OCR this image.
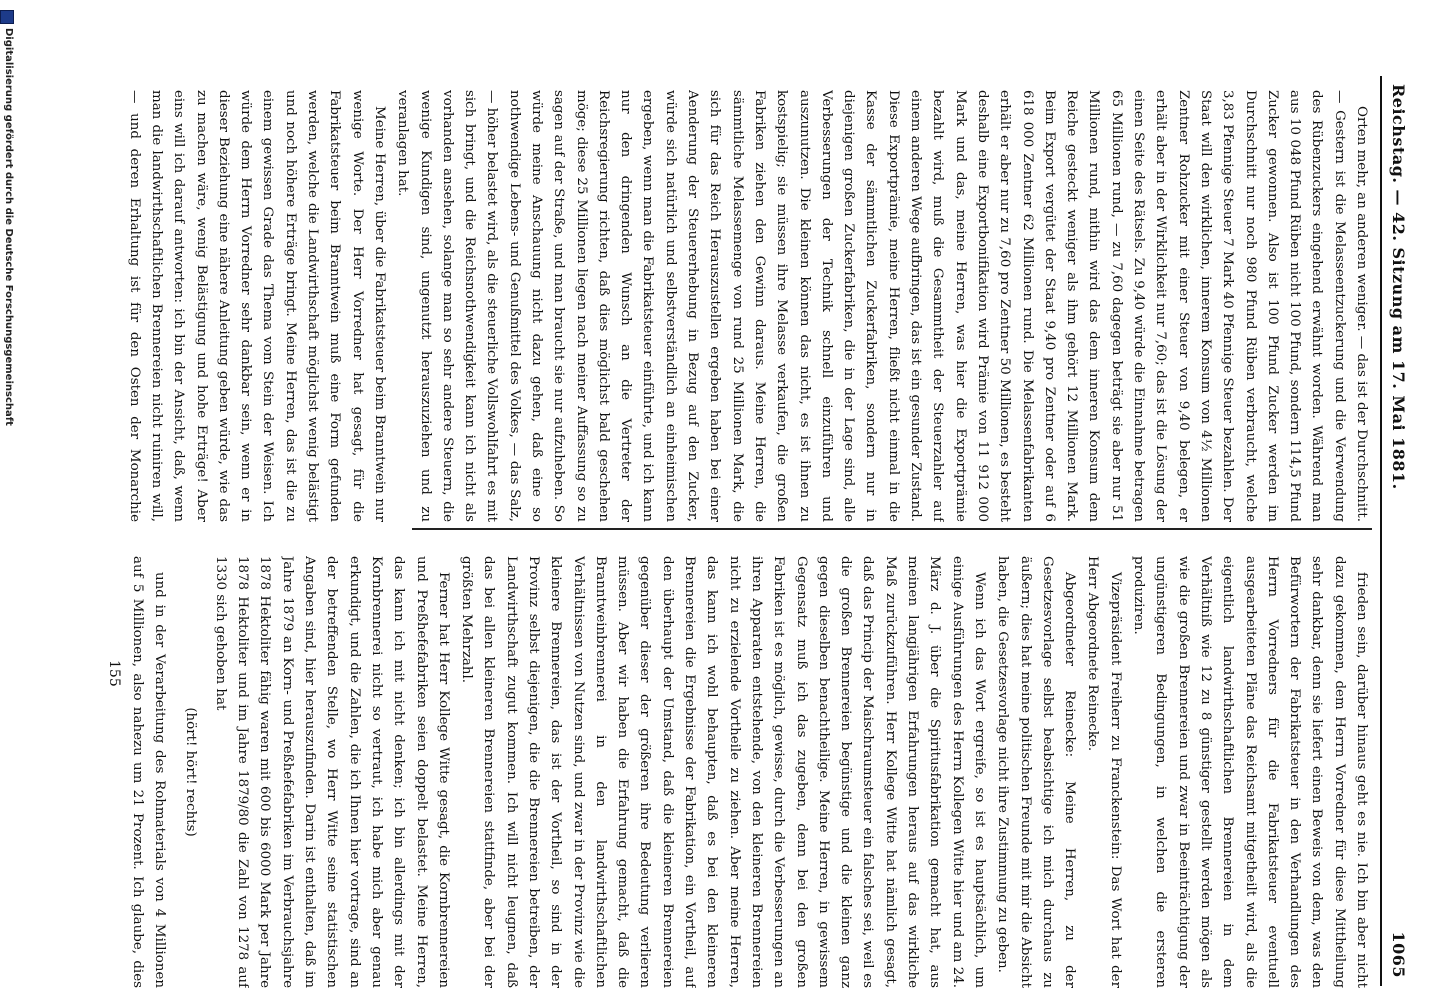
Reichstag. — 42. Sitzung am 17. Mai 1881.
1065

Orten mehr, an anderen weniger. — das ist der Durchschnitt. — Gestern ist die Melasseentzuckerung und die Verwendung des Rübenzuckers eingehend erwähnt worden. Während man aus 10 048 Pfund Rüben nicht 100 Pfund, sondern 114,5 Pfund Zucker gewonnen. Also ist 100 Pfund Zucker werden im Durchschnitt nur noch 980 Pfund Rüben verbraucht, welche 3,83 Pfennige Steuer 7 Mark 40 Pfennige Steuer bezahlen. Der Staat will den wirklichen, innerem Konsum von 4½ Millionen Zentner Rohzucker mit einer Steuer von 9,40 belegen, er erhält aber in der Wirklichkeit nur 7,60; das ist die Lösung der einen Seite des Rätsels. Zu 9,40 würde die Einnahme betragen 65 Millionen rund, — zu 7,60 dagegen beträgt sie aber nur 51 Millionen rund, mithin wird das dem inneren Konsum dem Reiche gesteckt weniger als ihm gehört 12 Millionen Mark. Beim Export vergütet der Staat 9,40 pro Zentner oder auf 6 618 000 Zentner 62 Millionen rund. Die Melassenfabrikanten erhält er aber nur zu 7,60 pro Zentner 50 Millionen, es besteht deshalb eine Exportbonifikation wird Prämie von 11 912 000 Mark und das, meine Herren, was hier die Exportprämie bezahlt wird, muß die Gesammtheit der Steuerzahler auf einem anderen Wege aufbringen, das ist ein gesunder Zustand. Diese Exportprämie, meine Herren, fließt nicht einmal in die Kasse der sämmtlichen Zuckerfabriken, sondern nur in diejenigen großen Zuckerfabriken, die in der Lage sind, alle Verbesserungen der Technik schnell einzuführen und auszunutzen. Die kleinen können das nicht, es ist ihnen zu kostspielig; sie müssen ihre Melasse verkaufen, die großen Fabriken ziehen den Gewinn daraus. Meine Herren, die sämmtliche Melassemenge von rund 25 Millionen Mark, die sich für das Reich Herauszustellen ergeben haben bei einer Aenderung der Steuererhebung in Bezug auf den Zucker, würde sich natürlich und selbstverständlich an einheimischen ergeben, wenn man die Fabrikatsteuer einführte, und ich kann nur den dringenden Wunsch an die Vertreter der Reichsregierung richten, daß dies möglichst bald geschehen möge; diese 25 Millionen liegen nach meiner Auffassung so zu sagen auf der Straße, und man braucht sie nur aufzuheben. So würde meine Anschauung nicht dazu gehen, daß eine so nothwendige Lebens- und Genußmittel des Volkes, — das Salz, — höher belastet wird, als die steuerliche Vollswohlfahrt es mit sich bringt, und die Reichsnothwendigkeit kann ich nicht als vorhanden ansehen, solange man so sehr andere Steuern, die wenige Kundigen sind, ungenutzt herauszuziehen und zu veranlagen hat.

Meine Herren, über die Fabrikatsteuer beim Branntwein nur wenige Worte. Der Herr Vorredner hat gesagt, für die Fabrikatsteuer beim Branntwein muß eine Form gefunden werden, welche die Landwirthschaft möglichst wenig belästigt und noch höhere Erträge bringt. Meine Herren, das ist die zu einem gewissen Grade das Thema vom Stein der Weisen. Ich würde dem Herrn Vorredner sehr dankbar sein, wenn er in dieser Beziehung eine nähere Anleitung geben würde, wie das zu machen wäre, wenig Belästigung und hohe Erträge! Aber eins will ich darauf antworten: ich bin der Ansicht, daß, wenn man die landwirthschaftlichen Brennereien nicht ruiniren will, — und deren Erhaltung ist für den Osten der Monarchie

frieden sein, darüber hinaus geht es nie. Ich bin aber nicht dazu gekommen, dem Herrn Vorredner für diese Mittheilung sehr dankbar, denn sie liefert einen Beweis von dem, was den Befürwortern der Fabrikatsteuer in den Verhandlungen des Herrn Vorredners für die Fabrikatsteuer eventuell ausgearbeiteten Pläne das Reichsamt mitgetheilt wird, als die eigentlich landwirthschaftlichen Brennereien in dem Verhältniß wie 12 zu 8 günstiger gestellt werden mögen als wie die großen Brennereien und zwar in Beeinträchtigung der ungünstigeren Bedingungen, in welchen die ersteren produziren.

Vizepräsident Freiherr zu Franckenstein: Das Wort hat der Herr Abgeordnete Reinecke.

Abgeordneter Reinecke: Meine Herren, zu der Gesetzesvorlage selbst beabsichtige ich mich durchaus zu äußern; dies hat meine politischen Freunde mit mir die Absicht haben, die Gesetzesvorlage nicht ihre Zustimmung zu geben.

Wenn ich das Wort ergreife, so ist es hauptsächlich, um einige Ausführungen des Herrn Kollegen Witte hier und am 24. März d. J. über die Spiritusfabrikation gemacht hat, aus meinen langjährigen Erfahrungen heraus auf das wirkliche Maß zurückzuführen. Herr Kollege Witte hat nämlich gesagt, daß das Princip der Maischraumsteuer ein falsches sei, weil es die großen Brennereien begünstige und die kleinen ganz gegen dieselben benachtheilige. Meine Herren, in gewissem Gegensatz muß ich das zugeben, denn bei den großen Fabriken ist es möglich, gewisse, durch die Verbesserungen an ihren Apparaten entstehende, von den kleineren Brennereien nicht zu erzielende Vortheile zu ziehen. Aber meine Herren, das kann ich wohl behaupten, daß es bei den kleineren Brennereien die Ergebnisse der Fabrikation, ein Vortheil, auf den überhaupt der Umstand, daß die kleineren Brennereien gegenüber dieser der größeren ihre Bedeutung verlieren müssen. Aber wir haben die Erfahrung gemacht, daß die Branntweinbrennerei in den landwirthschaftlichen Verhältnissen von Nutzen sind, und zwar in der Provinz wie die kleinere Brennereien, das ist der Vortheil, so sind in der Provinz selbst diejenigen, die die Brennereien betreiben, der Landwirthschaft zugut kommen. Ich will nicht leugnen, daß das bei allen kleineren Brennereien stattfinde, aber bei der größten Mehrzahl.

Ferner hat Herr Kollege Witte gesagt, die Kornbrennereien und Preßhefefabriken seien doppelt belastet. Meine Herren, das kann ich mit nicht denken; ich bin allerdings mit der Kornbrennerei nicht so vertraut, ich habe mich aber genau erkundigt, und die Zahlen, die ich Ihnen hier vortrage, sind an der betreffenden Stelle, wo Herr Witte seine statistischen Angaben sind, hier herauszufinden. Darin ist enthalten, daß im Jahre 1879 an Korn- und Preßhefefabriken im Verbrauchsjahre 1878 Hektoliter fähig waren mit 600 bis 6000 Mark per Jahre 1878 Hektoliter und im Jahre 1879/80 die Zahl von 1278 auf 1330 sich gehoben hat

(hört! hört! rechts)

und in der Verarbeitung des Rohmaterials von 4 Millionen auf 5 Millionen, also nahezu um 21 Prozent. Ich glaube, dies

155
Digitalisierung gefördert durch die Deutsche Forschungsgemeinschaft
